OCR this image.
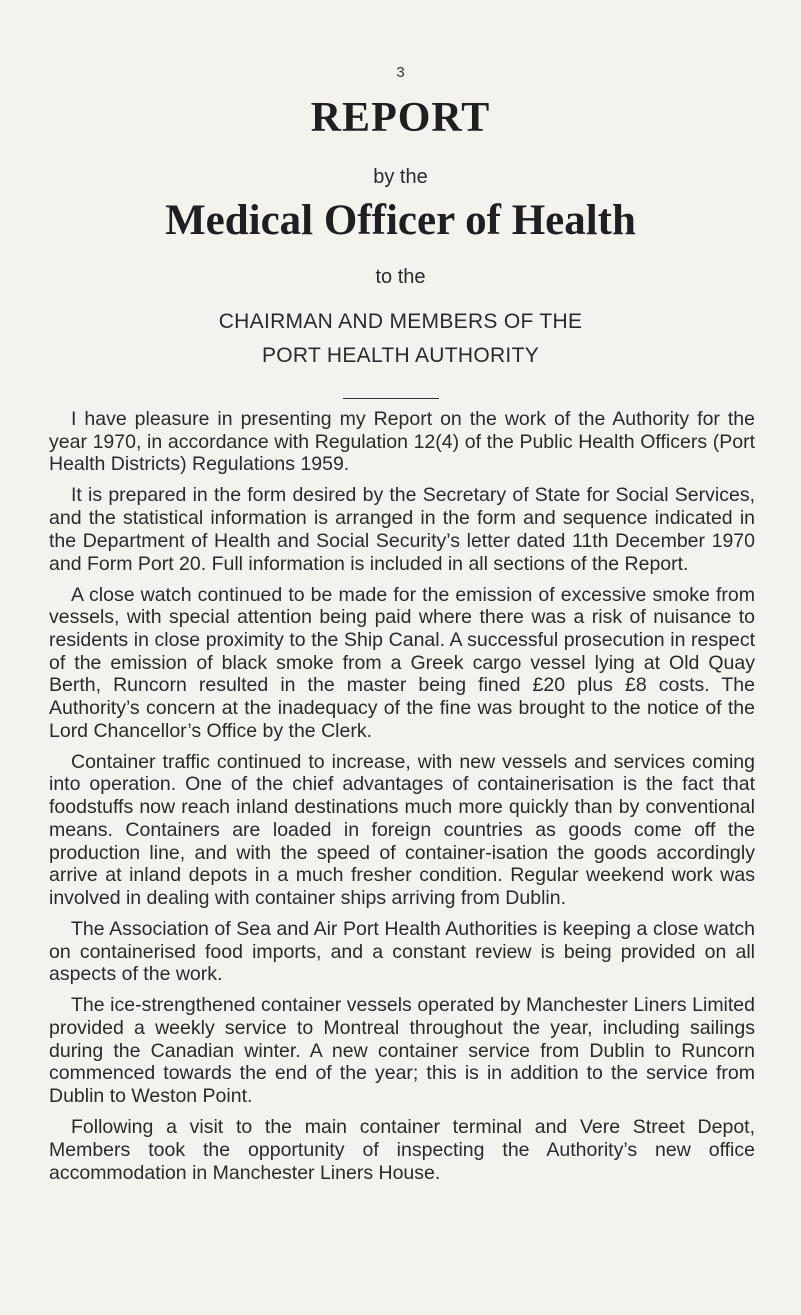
3
REPORT
by the
Medical Officer of Health
to the
CHAIRMAN AND MEMBERS OF THE
PORT HEALTH AUTHORITY

I have pleasure in presenting my Report on the work of the Authority for the year 1970, in accordance with Regulation 12(4) of the Public Health Officers (Port Health Districts) Regulations 1959.

It is prepared in the form desired by the Secretary of State for Social Services, and the statistical information is arranged in the form and sequence indicated in the Department of Health and Social Security’s letter dated 11th December 1970 and Form Port 20. Full information is included in all sections of the Report.

A close watch continued to be made for the emission of excessive smoke from vessels, with special attention being paid where there was a risk of nuisance to residents in close proximity to the Ship Canal. A successful prosecution in respect of the emission of black smoke from a Greek cargo vessel lying at Old Quay Berth, Runcorn resulted in the master being fined £20 plus £8 costs. The Authority’s concern at the inadequacy of the fine was brought to the notice of the Lord Chancellor’s Office by the Clerk.

Container traffic continued to increase, with new vessels and services coming into operation. One of the chief advantages of containerisation is the fact that foodstuffs now reach inland destinations much more quickly than by conventional means. Containers are loaded in foreign countries as goods come off the production line, and with the speed of container-isation the goods accordingly arrive at inland depots in a much fresher condition. Regular weekend work was involved in dealing with container ships arriving from Dublin.

The Association of Sea and Air Port Health Authorities is keeping a close watch on containerised food imports, and a constant review is being provided on all aspects of the work.

The ice-strengthened container vessels operated by Manchester Liners Limited provided a weekly service to Montreal throughout the year, including sailings during the Canadian winter. A new container service from Dublin to Runcorn commenced towards the end of the year; this is in addition to the service from Dublin to Weston Point.

Following a visit to the main container terminal and Vere Street Depot, Members took the opportunity of inspecting the Authority’s new office accommodation in Manchester Liners House.
